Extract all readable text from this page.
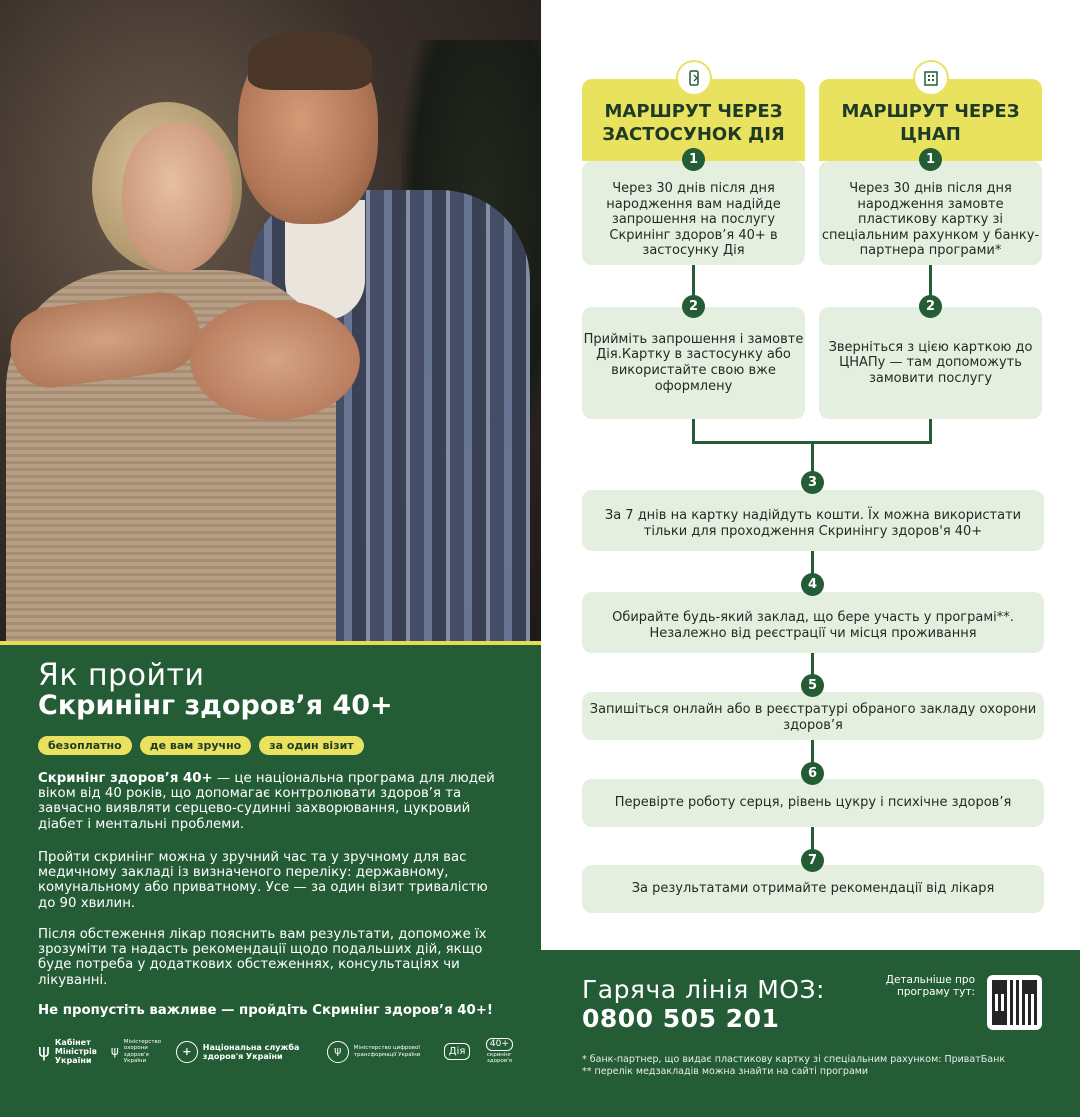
Як пройти
Скринінг здоров’я 40+
безоплатно	де вам зручно	за один візит
Скринінг здоров’я 40+ — це національна програма для людей віком від 40 років, що допомагає контролювати здоров’я та завчасно виявляти серцево-судинні захворювання, цукровий діабет і ментальні проблеми.
Пройти скринінг можна у зручний час та у зручному для вас медичному закладі із визначеного переліку: державному, комунальному або приватному. Усе — за один візит тривалістю до 90 хвилин.
Після обстеження лікар пояснить вам результати, допоможе їх зрозуміти та надасть рекомендації щодо подальших дій, якщо буде потреба у додаткових обстеженнях, консультаціях чи лікуванні.
Не пропустіть важливе — пройдіть Скринінг здоров’я 40+!
ψ Кабінет Міністрів України
ψ
Міністерство охорони здоров'я України
+	Національна служба здоров'я України	ψ	Міністерство цифрової трансформації України	Дія
40+
скринінг здоров'я
МАРШРУТ ЧЕРЕЗ ЗАСТОСУНОК ДІЯ
МАРШРУТ ЧЕРЕЗ ЦНАП
Через 30 днів після дня народження вам надійде запрошення на послугу Скринінг здоров’я 40+ в застосунку Дія
Через 30 днів після дня народження замовте пластикову картку зі спеціальним рахунком у банку-партнера програми*
Прийміть запрошення і замовте Дія.Картку в застосунку або використайте свою вже оформлену
Зверніться з цією карткою до ЦНАПу — там допоможуть замовити послугу
За 7 днів на картку надійдуть кошти. Їх можна використати тільки для проходження Скринінгу здоров'я 40+
Обирайте будь-який заклад, що бере участь у програмі**. Незалежно від реєстрації чи місця проживання
Запишіться онлайн або в реєстратурі обраного закладу охорони здоров’я
Перевірте роботу серця, рівень цукру і психічне здоров’я
За результатами отримайте рекомендації від лікаря
1	1
2	2
3
4
5
6
7
Гаряча лінія МОЗ:
0800 505 201
Детальніше про програму тут:
* банк-партнер, що видає пластикову картку зі спеціальним рахунком: ПриватБанк
** перелік медзакладів можна знайти на сайті програми
